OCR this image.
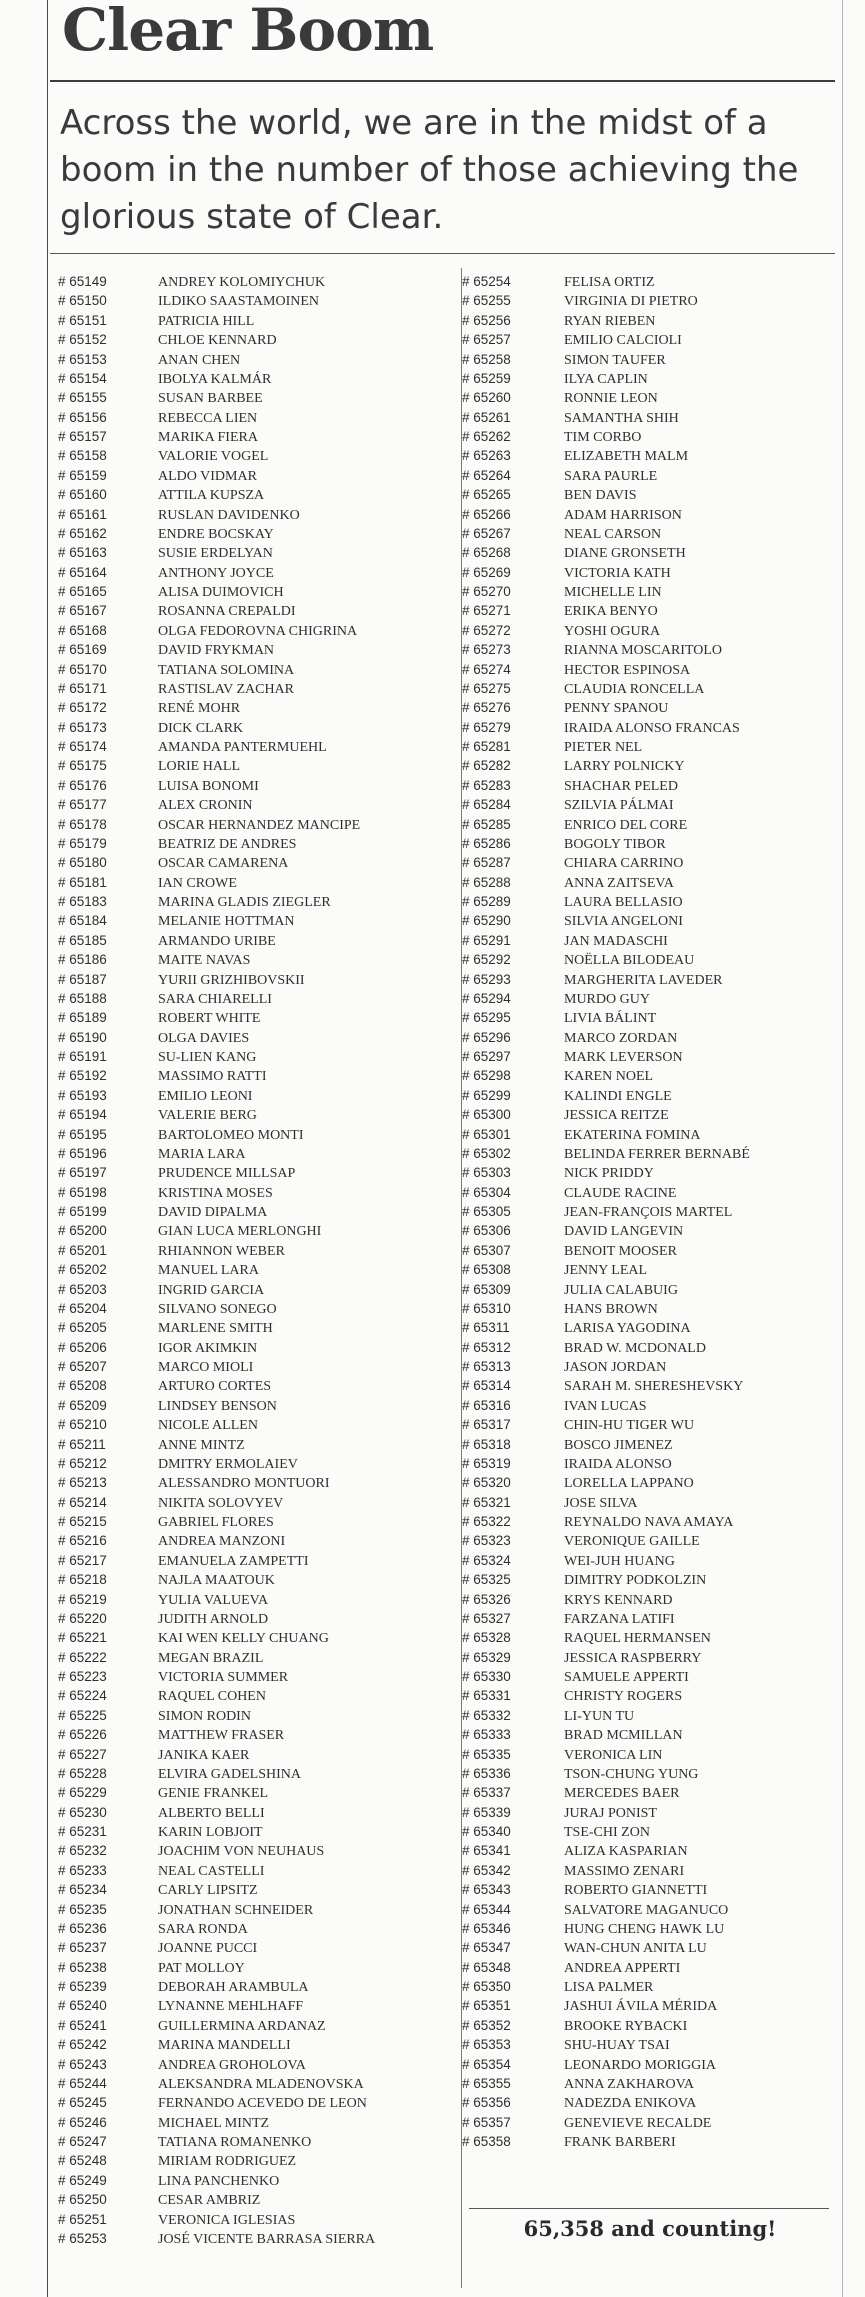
Clear Boom
Across the world, we are in the midst of a boom in the number of those achieving the glorious state of Clear.
# 65149	ANDREY KOLOMIYCHUK
# 65150	ILDIKO SAASTAMOINEN
# 65151	PATRICIA HILL
# 65152	CHLOE KENNARD
# 65153	ANAN CHEN
# 65154	IBOLYA KALMÁR
# 65155	SUSAN BARBEE
# 65156	REBECCA LIEN
# 65157	MARIKA FIERA
# 65158	VALORIE VOGEL
# 65159	ALDO VIDMAR
# 65160	ATTILA KUPSZA
# 65161	RUSLAN DAVIDENKO
# 65162	ENDRE BOCSKAY
# 65163	SUSIE ERDELYAN
# 65164	ANTHONY JOYCE
# 65165	ALISA DUIMOVICH
# 65167	ROSANNA CREPALDI
# 65168	OLGA FEDOROVNA CHIGRINA
# 65169	DAVID FRYKMAN
# 65170	TATIANA SOLOMINA
# 65171	RASTISLAV ZACHAR
# 65172	RENÉ MOHR
# 65173	DICK CLARK
# 65174	AMANDA PANTERMUEHL
# 65175	LORIE HALL
# 65176	LUISA BONOMI
# 65177	ALEX CRONIN
# 65178	OSCAR HERNANDEZ MANCIPE
# 65179	BEATRIZ DE ANDRES
# 65180	OSCAR CAMARENA
# 65181	IAN CROWE
# 65183	MARINA GLADIS ZIEGLER
# 65184	MELANIE HOTTMAN
# 65185	ARMANDO URIBE
# 65186	MAITE NAVAS
# 65187	YURII GRIZHIBOVSKII
# 65188	SARA CHIARELLI
# 65189	ROBERT WHITE
# 65190	OLGA DAVIES
# 65191	SU-LIEN KANG
# 65192	MASSIMO RATTI
# 65193	EMILIO LEONI
# 65194	VALERIE BERG
# 65195	BARTOLOMEO MONTI
# 65196	MARIA LARA
# 65197	PRUDENCE MILLSAP
# 65198	KRISTINA MOSES
# 65199	DAVID DIPALMA
# 65200	GIAN LUCA MERLONGHI
# 65201	RHIANNON WEBER
# 65202	MANUEL LARA
# 65203	INGRID GARCIA
# 65204	SILVANO SONEGO
# 65205	MARLENE SMITH
# 65206	IGOR AKIMKIN
# 65207	MARCO MIOLI
# 65208	ARTURO CORTES
# 65209	LINDSEY BENSON
# 65210	NICOLE ALLEN
# 65211	ANNE MINTZ
# 65212	DMITRY ERMOLAIEV
# 65213	ALESSANDRO MONTUORI
# 65214	NIKITA SOLOVYEV
# 65215	GABRIEL FLORES
# 65216	ANDREA MANZONI
# 65217	EMANUELA ZAMPETTI
# 65218	NAJLA MAATOUK
# 65219	YULIA VALUEVA
# 65220	JUDITH ARNOLD
# 65221	KAI WEN KELLY CHUANG
# 65222	MEGAN BRAZIL
# 65223	VICTORIA SUMMER
# 65224	RAQUEL COHEN
# 65225	SIMON RODIN
# 65226	MATTHEW FRASER
# 65227	JANIKA KAER
# 65228	ELVIRA GADELSHINA
# 65229	GENIE FRANKEL
# 65230	ALBERTO BELLI
# 65231	KARIN LOBJOIT
# 65232	JOACHIM VON NEUHAUS
# 65233	NEAL CASTELLI
# 65234	CARLY LIPSITZ
# 65235	JONATHAN SCHNEIDER
# 65236	SARA RONDA
# 65237	JOANNE PUCCI
# 65238	PAT MOLLOY
# 65239	DEBORAH ARAMBULA
# 65240	LYNANNE MEHLHAFF
# 65241	GUILLERMINA ARDANAZ
# 65242	MARINA MANDELLI
# 65243	ANDREA GROHOLOVA
# 65244	ALEKSANDRA MLADENOVSKA
# 65245	FERNANDO ACEVEDO DE LEON
# 65246	MICHAEL MINTZ
# 65247	TATIANA ROMANENKO
# 65248	MIRIAM RODRIGUEZ
# 65249	LINA PANCHENKO
# 65250	CESAR AMBRIZ
# 65251	VERONICA IGLESIAS
# 65253	JOSÉ VICENTE BARRASA SIERRA
# 65254	FELISA ORTIZ
# 65255	VIRGINIA DI PIETRO
# 65256	RYAN RIEBEN
# 65257	EMILIO CALCIOLI
# 65258	SIMON TAUFER
# 65259	ILYA CAPLIN
# 65260	RONNIE LEON
# 65261	SAMANTHA SHIH
# 65262	TIM CORBO
# 65263	ELIZABETH MALM
# 65264	SARA PAURLE
# 65265	BEN DAVIS
# 65266	ADAM HARRISON
# 65267	NEAL CARSON
# 65268	DIANE GRONSETH
# 65269	VICTORIA KATH
# 65270	MICHELLE LIN
# 65271	ERIKA BENYO
# 65272	YOSHI OGURA
# 65273	RIANNA MOSCARITOLO
# 65274	HECTOR ESPINOSA
# 65275	CLAUDIA RONCELLA
# 65276	PENNY SPANOU
# 65279	IRAIDA ALONSO FRANCAS
# 65281	PIETER NEL
# 65282	LARRY POLNICKY
# 65283	SHACHAR PELED
# 65284	SZILVIA PÁLMAI
# 65285	ENRICO DEL CORE
# 65286	BOGOLY TIBOR
# 65287	CHIARA CARRINO
# 65288	ANNA ZAITSEVA
# 65289	LAURA BELLASIO
# 65290	SILVIA ANGELONI
# 65291	JAN MADASCHI
# 65292	NOËLLA BILODEAU
# 65293	MARGHERITA LAVEDER
# 65294	MURDO GUY
# 65295	LIVIA BÁLINT
# 65296	MARCO ZORDAN
# 65297	MARK LEVERSON
# 65298	KAREN NOEL
# 65299	KALINDI ENGLE
# 65300	JESSICA REITZE
# 65301	EKATERINA FOMINA
# 65302	BELINDA FERRER BERNABÉ
# 65303	NICK PRIDDY
# 65304	CLAUDE RACINE
# 65305	JEAN-FRANÇOIS MARTEL
# 65306	DAVID LANGEVIN
# 65307	BENOIT MOOSER
# 65308	JENNY LEAL
# 65309	JULIA CALABUIG
# 65310	HANS BROWN
# 65311	LARISA YAGODINA
# 65312	BRAD W. MCDONALD
# 65313	JASON JORDAN
# 65314	SARAH M. SHERESHEVSKY
# 65316	IVAN LUCAS
# 65317	CHIN-HU TIGER WU
# 65318	BOSCO JIMENEZ
# 65319	IRAIDA ALONSO
# 65320	LORELLA LAPPANO
# 65321	JOSE SILVA
# 65322	REYNALDO NAVA AMAYA
# 65323	VERONIQUE GAILLE
# 65324	WEI-JUH HUANG
# 65325	DIMITRY PODKOLZIN
# 65326	KRYS KENNARD
# 65327	FARZANA LATIFI
# 65328	RAQUEL HERMANSEN
# 65329	JESSICA RASPBERRY
# 65330	SAMUELE APPERTI
# 65331	CHRISTY ROGERS
# 65332	LI-YUN TU
# 65333	BRAD MCMILLAN
# 65335	VERONICA LIN
# 65336	TSON-CHUNG YUNG
# 65337	MERCEDES BAER
# 65339	JURAJ PONIST
# 65340	TSE-CHI ZON
# 65341	ALIZA KASPARIAN
# 65342	MASSIMO ZENARI
# 65343	ROBERTO GIANNETTI
# 65344	SALVATORE MAGANUCO
# 65346	HUNG CHENG HAWK LU
# 65347	WAN-CHUN ANITA LU
# 65348	ANDREA APPERTI
# 65350	LISA PALMER
# 65351	JASHUI ÁVILA MÉRIDA
# 65352	BROOKE RYBACKI
# 65353	SHU-HUAY TSAI
# 65354	LEONARDO MORIGGIA
# 65355	ANNA ZAKHAROVA
# 65356	NADEZDA ENIKOVA
# 65357	GENEVIEVE RECALDE
# 65358	FRANK BARBERI
65,358 and counting!
